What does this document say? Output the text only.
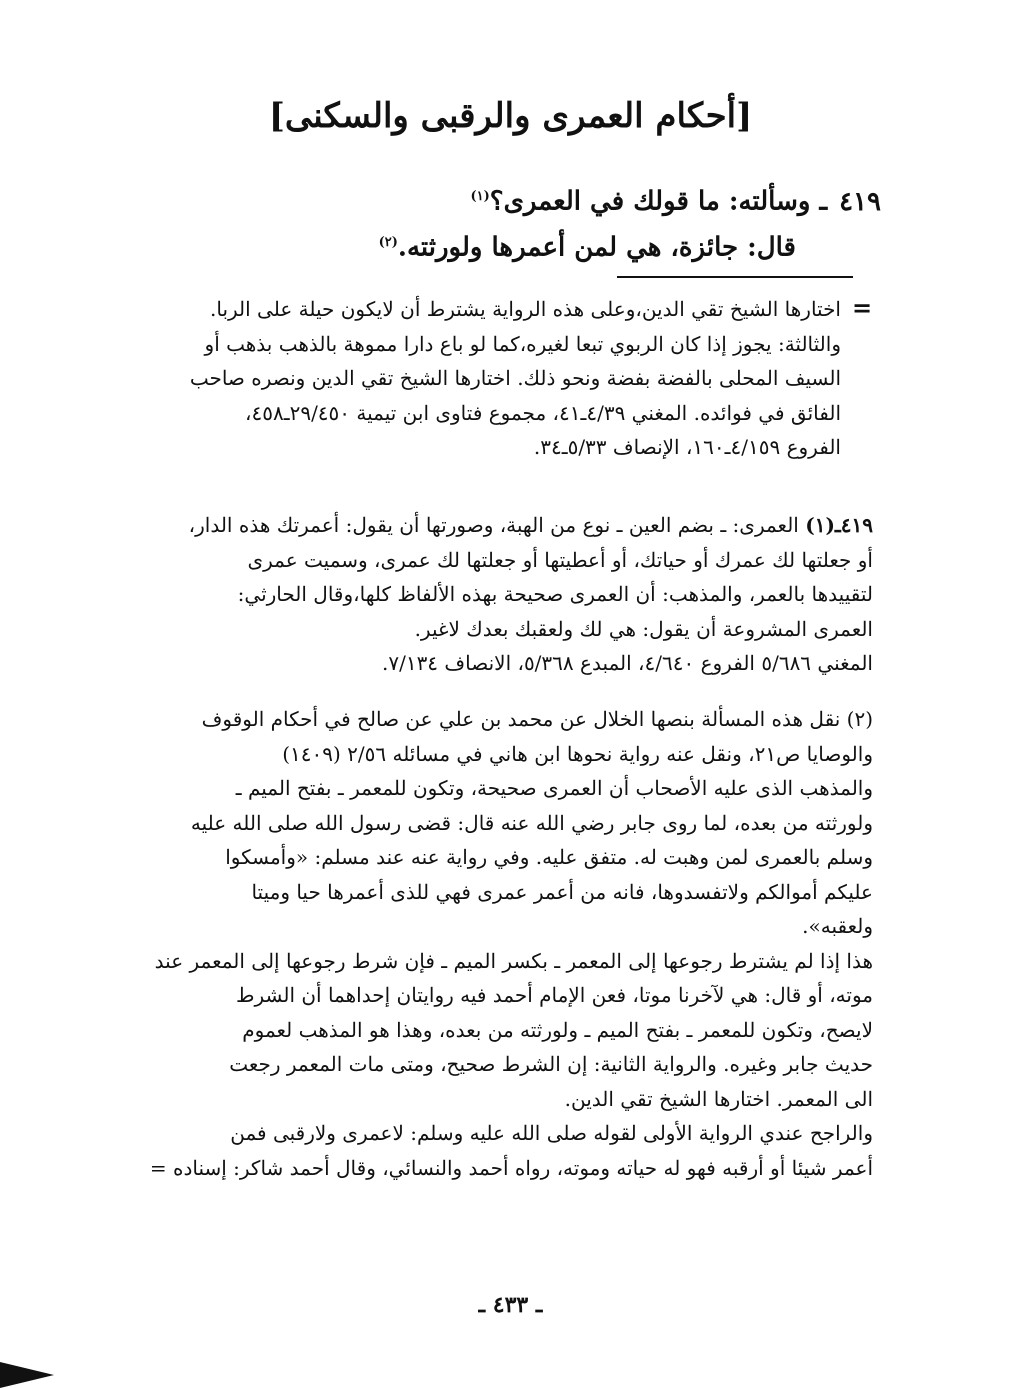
[أحكام العمرى والرقبى والسكنى]
٤١٩ـ وسألته: ما قولك في العمرى؟$^{(١)}$
قال: جائزة، هي لمن أعمرها ولورثته.$^{(٢)}$
=
اختارها الشيخ تقي الدين،وعلى هذه الرواية يشترط أن لايكون حيلة على الربا.
والثالثة: يجوز إذا كان الربوي تبعا لغيره،كما لو باع دارا مموهة بالذهب بذهب أو
السيف المحلى بالفضة بفضة ونحو ذلك. اختارها الشيخ تقي الدين ونصره صاحب
الفائق في فوائده. المغني ٤/٣٩ـ٤١، مجموع فتاوى ابن تيمية ٢٩/٤٥٠ـ٤٥٨،
الفروع ٤/١٥٩ـ١٦٠، الإنصاف ٥/٣٣ـ٣٤.
٤١٩ـ(١) العمرى: ـ بضم العين ـ نوع من الهبة، وصورتها أن يقول: أعمرتك هذه الدار،
أو جعلتها لك عمرك أو حياتك، أو أعطيتها أو جعلتها لك عمرى، وسميت عمرى
لتقييدها بالعمر، والمذهب: أن العمرى صحيحة بهذه الألفاظ كلها،وقال الحارثي:
العمرى المشروعة أن يقول: هي لك ولعقبك بعدك لاغير.
المغني ٥/٦٨٦ الفروع ٤/٦٤٠، المبدع ٥/٣٦٨، الانصاف ٧/١٣٤.
(٢) نقل هذه المسألة بنصها الخلال عن محمد بن علي عن صالح في أحكام الوقوف
والوصايا ص٢١، ونقل عنه رواية نحوها ابن هاني في مسائله ٢/٥٦ (١٤٠٩)
والمذهب الذى عليه الأصحاب أن العمرى صحيحة، وتكون للمعمر ـ بفتح الميم ـ
ولورثته من بعده، لما روى جابر رضي الله عنه قال: قضى رسول الله صلى الله عليه
وسلم بالعمرى لمن وهبت له. متفق عليه. وفي رواية عنه عند مسلم: «وأمسكوا
عليكم أموالكم ولاتفسدوها، فانه من أعمر عمرى فهي للذى أعمرها حيا وميتا
ولعقبه».
هذا إذا لم يشترط رجوعها إلى المعمر ـ بكسر الميم ـ فإن شرط رجوعها إلى المعمر عند
موته، أو قال: هي لآخرنا موتا، فعن الإمام أحمد فيه روايتان إحداهما أن الشرط
لايصح، وتكون للمعمر ـ بفتح الميم ـ ولورثته من بعده، وهذا هو المذهب لعموم
حديث جابر وغيره. والرواية الثانية: إن الشرط صحيح، ومتى مات المعمر رجعت
الى المعمر. اختارها الشيخ تقي الدين.
والراجح عندي الرواية الأولى لقوله صلى الله عليه وسلم: لاعمرى ولارقبى فمن
أعمر شيئا أو أرقبه فهو له حياته وموته، رواه أحمد والنسائي، وقال أحمد شاكر: إسناده =
ـ ٤٣٣ ـ
